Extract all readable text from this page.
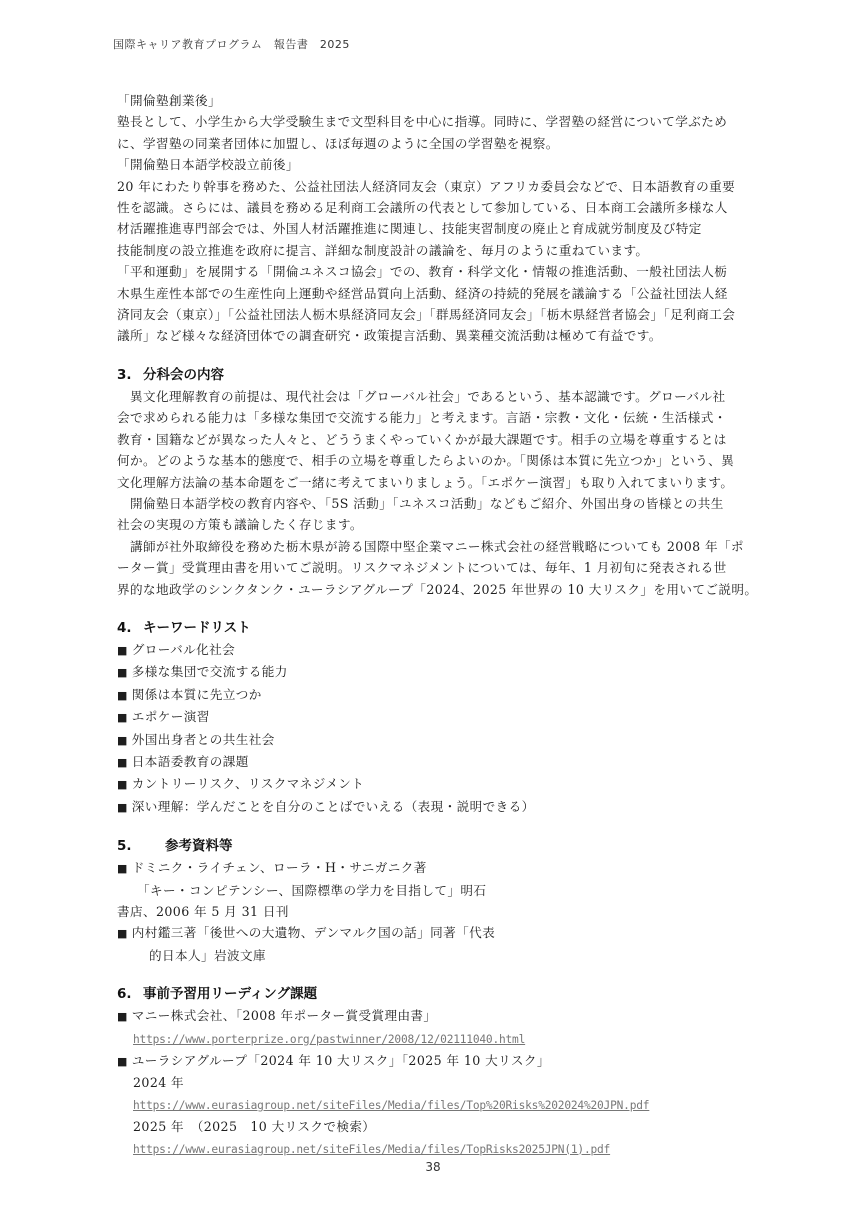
国際キャリア教育プログラム　報告書　2025
「開倫塾創業後」
塾長として、小学生から大学受験生まで文型科目を中心に指導。同時に、学習塾の経営について学ぶため
に、学習塾の同業者団体に加盟し、ほぼ毎週のように全国の学習塾を視察。
「開倫塾日本語学校設立前後」
20 年にわたり幹事を務めた、公益社団法人経済同友会（東京）アフリカ委員会などで、日本語教育の重要
性を認識。さらには、議員を務める足利商工会議所の代表として参加している、日本商工会議所多様な人
材活躍推進専門部会では、外国人材活躍推進に関連し、技能実習制度の廃止と育成就労制度及び特定
技能制度の設立推進を政府に提言、詳細な制度設計の議論を、毎月のように重ねています。
「平和運動」を展開する「開倫ユネスコ協会」での、教育・科学文化・情報の推進活動、一般社団法人栃
木県生産性本部での生産性向上運動や経営品質向上活動、経済の持続的発展を議論する「公益社団法人経
済同友会（東京）」「公益社団法人栃木県経済同友会」「群馬経済同友会」「栃木県経営者協会」「足利商工会
議所」など様々な経済団体での調査研究・政策提言活動、異業種交流活動は極めて有益です。
3. 分科会の内容
異文化理解教育の前提は、現代社会は「グローバル社会」であるという、基本認識です。グローバル社
会で求められる能力は「多様な集団で交流する能力」と考えます。言語・宗教・文化・伝統・生活様式・
教育・国籍などが異なった人々と、どううまくやっていくかが最大課題です。相手の立場を尊重するとは
何か。どのような基本的態度で、相手の立場を尊重したらよいのか。「関係は本質に先立つか」という、異
文化理解方法論の基本命題をご一緒に考えてまいりましょう。「エポケー演習」も取り入れてまいります。
開倫塾日本語学校の教育内容や、「5S 活動」「ユネスコ活動」などもご紹介、外国出身の皆様との共生
社会の実現の方策も議論したく存じます。
講師が社外取締役を務めた栃木県が誇る国際中堅企業マニー株式会社の経営戦略についても 2008 年「ポ
ーター賞」受賞理由書を用いてご説明。リスクマネジメントについては、毎年、1 月初旬に発表される世
界的な地政学のシンクタンク・ユーラシアグループ「2024、2025 年世界の 10 大リスク」を用いてご説明。
4. キーワードリスト
■ グローバル化社会
■ 多様な集団で交流する能力
■ 関係は本質に先立つか
■ エポケー演習
■ 外国出身者との共生社会
■ 日本語委教育の課題
■ カントリーリスク、リスクマネジメント
■ 深い理解：学んだことを自分のことばでいえる（表現・説明できる）
5. 参考資料等
■ ドミニク・ライチェン、ローラ・H・サニガニク著
「キー・コンピテンシー、国際標準の学力を目指して」明石
書店、2006 年 5 月 31 日刊
■ 内村鑑三著「後世への大遺物、デンマルク国の話」同著「代表
的日本人」岩波文庫
6. 事前予習用リーディング課題
■ マニー株式会社、「2008 年ポーター賞受賞理由書」
https://www.porterprize.org/pastwinner/2008/12/02111040.html
■ ユーラシアグループ「2024 年 10 大リスク」「2025 年 10 大リスク」
2024 年
https://www.eurasiagroup.net/siteFiles/Media/files/Top%20Risks%202024%20JPN.pdf
2025 年　（2025　10 大リスクで検索）
https://www.eurasiagroup.net/siteFiles/Media/files/TopRisks2025JPN(1).pdf
38
